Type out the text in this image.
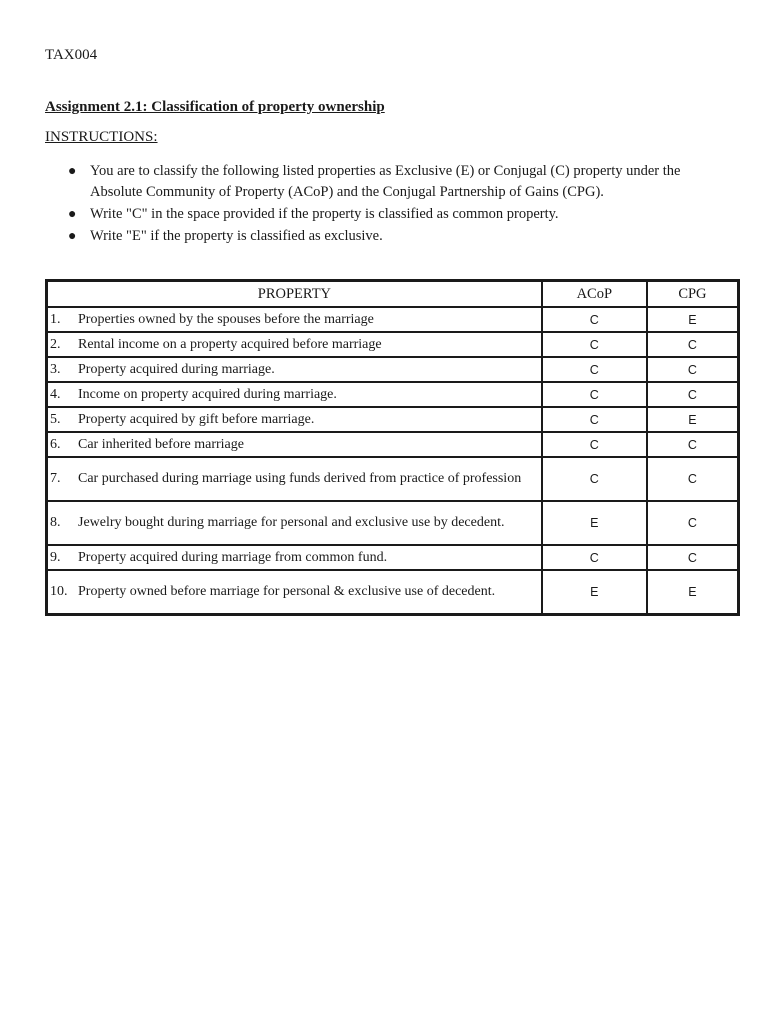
TAX004
Assignment 2.1: Classification of property ownership
INSTRUCTIONS:
● You are to classify the following listed properties as Exclusive (E) or Conjugal (C) property under the Absolute Community of Property (ACoP) and the Conjugal Partnership of Gains (CPG).
● Write "C" in the space provided if the property is classified as common property.
● Write "E" if the property is classified as exclusive.
PROPERTY	ACoP	CPG
1. Properties owned by the spouses before the marriage	C	E
2. Rental income on a property acquired before marriage	C	C
3. Property acquired during marriage.	C	C
4. Income on property acquired during marriage.	C	C
5. Property acquired by gift before marriage.	C	E
6. Car inherited before marriage	C	C
7. Car purchased during marriage using funds derived from practice of profession	C	C
8. Jewelry bought during marriage for personal and exclusive use by decedent.	E	C
9. Property acquired during marriage from common fund.	C	C
10. Property owned before marriage for personal & exclusive use of decedent.	E	E
